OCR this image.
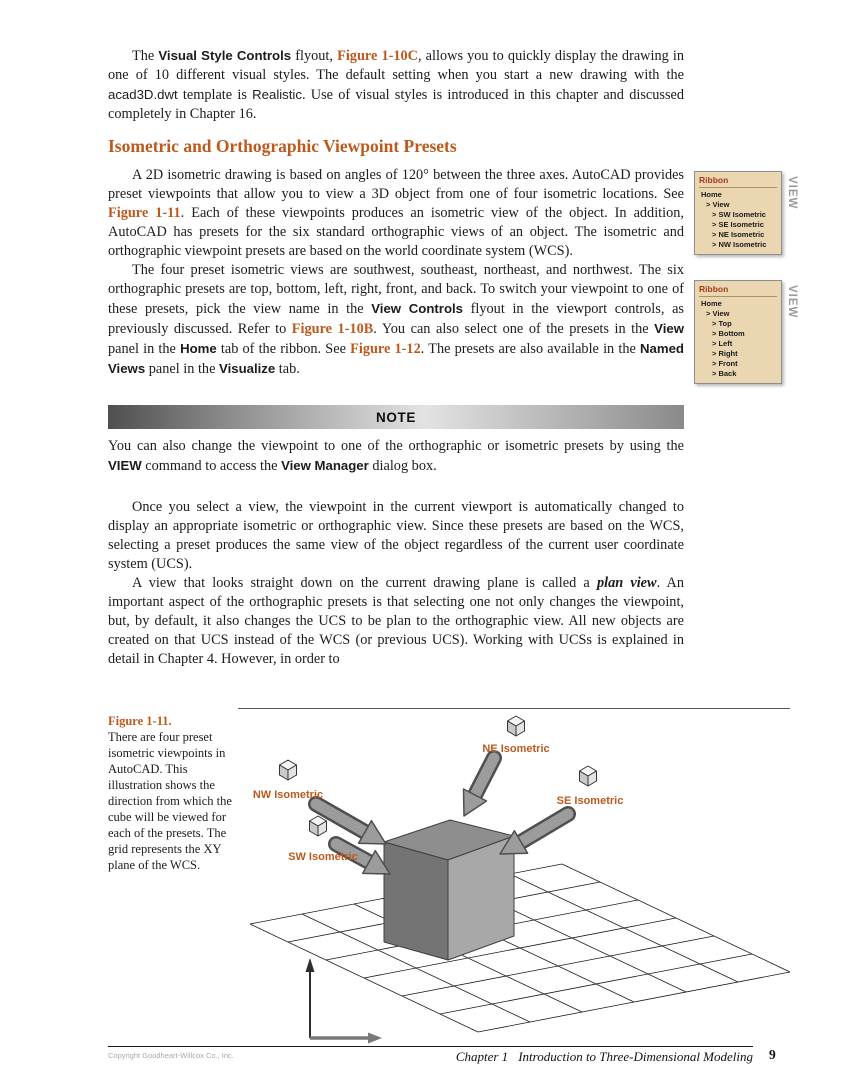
The Visual Style Controls flyout, Figure 1-10C, allows you to quickly display the drawing in one of 10 different visual styles. The default setting when you start a new drawing with the acad3D.dwt template is Realistic. Use of visual styles is introduced in this chapter and discussed completely in Chapter 16.

Isometric and Orthographic Viewpoint Presets

A 2D isometric drawing is based on angles of 120° between the three axes. AutoCAD provides preset viewpoints that allow you to view a 3D object from one of four isometric locations. See Figure 1-11. Each of these viewpoints produces an isometric view of the object. In addition, AutoCAD has presets for the six standard orthographic views of an object. The isometric and orthographic viewpoint presets are based on the world coordinate system (WCS).

The four preset isometric views are southwest, southeast, northeast, and northwest. The six orthographic presets are top, bottom, left, right, front, and back. To switch your viewpoint to one of these presets, pick the view name in the View Controls flyout in the viewport controls, as previously discussed. Refer to Figure 1-10B. You can also select one of the presets in the View panel in the Home tab of the ribbon. See Figure 1-12. The presets are also available in the Named Views panel in the Visualize tab.

Ribbon
Home
> View
> SW Isometric
> SE Isometric
> NE Isometric
> NW Isometric
VIEW
Ribbon
Home
> View
> Top
> Bottom
> Left
> Right
> Front
> Back
VIEW
NOTE

You can also change the viewpoint to one of the orthographic or isometric presets by using the VIEW command to access the View Manager dialog box.

Once you select a view, the viewpoint in the current viewport is automatically changed to display an appropriate isometric or orthographic view. Since these presets are based on the WCS, selecting a preset produces the same view of the object regardless of the current user coordinate system (UCS).

A view that looks straight down on the current drawing plane is called a plan view. An important aspect of the orthographic presets is that selecting one not only changes the viewpoint, but, by default, it also changes the UCS to be plan to the orthographic view. All new objects are created on that UCS instead of the WCS (or previous UCS). Working with UCSs is explained in detail in Chapter 4. However, in order to

Figure 1-11.
There are four preset isometric viewpoints in AutoCAD. This illustration shows the direction from which the cube will be viewed for each of the presets. The grid represents the XY plane of the WCS.
NE Isometric
NW Isometric	SE Isometric
SW Isometric
Copyright Goodheart-Willcox Co., Inc.	Chapter 1 Introduction to Three-Dimensional Modeling 9
